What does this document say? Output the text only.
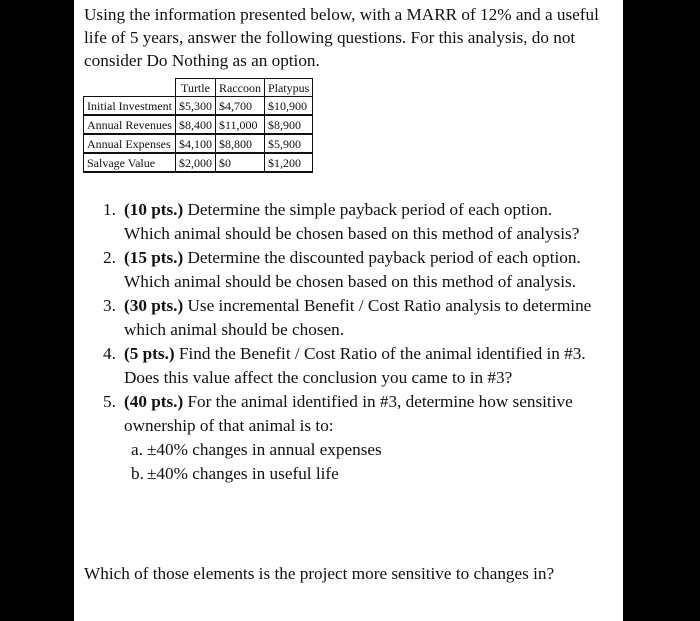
Using the information presented below, with a MARR of 12% and a useful life of 5 years, answer the following questions. For this analysis, do not consider Do Nothing as an option.

	Turtle	Raccoon	Platypus
Initial Investment	$5,300	$4,700	$10,900
Annual Revenues	$8,400	$11,000	$8,900
Annual Expenses	$4,100	$8,800	$5,900
Salvage Value	$2,000	$0	$1,200
1. (10 pts.) Determine the simple payback period of each option. Which animal should be chosen based on this method of analysis?
2. (15 pts.) Determine the discounted payback period of each option. Which animal should be chosen based on this method of analysis.
3. (30 pts.) Use incremental Benefit / Cost Ratio analysis to determine which animal should be chosen.
4. (5 pts.) Find the Benefit / Cost Ratio of the animal identified in #3. Does this value affect the conclusion you came to in #3?
5. (40 pts.) For the animal identified in #3, determine how sensitive ownership of that animal is to:
a. ±40% changes in annual expenses
b. ±40% changes in useful life

Which of those elements is the project more sensitive to changes in?
